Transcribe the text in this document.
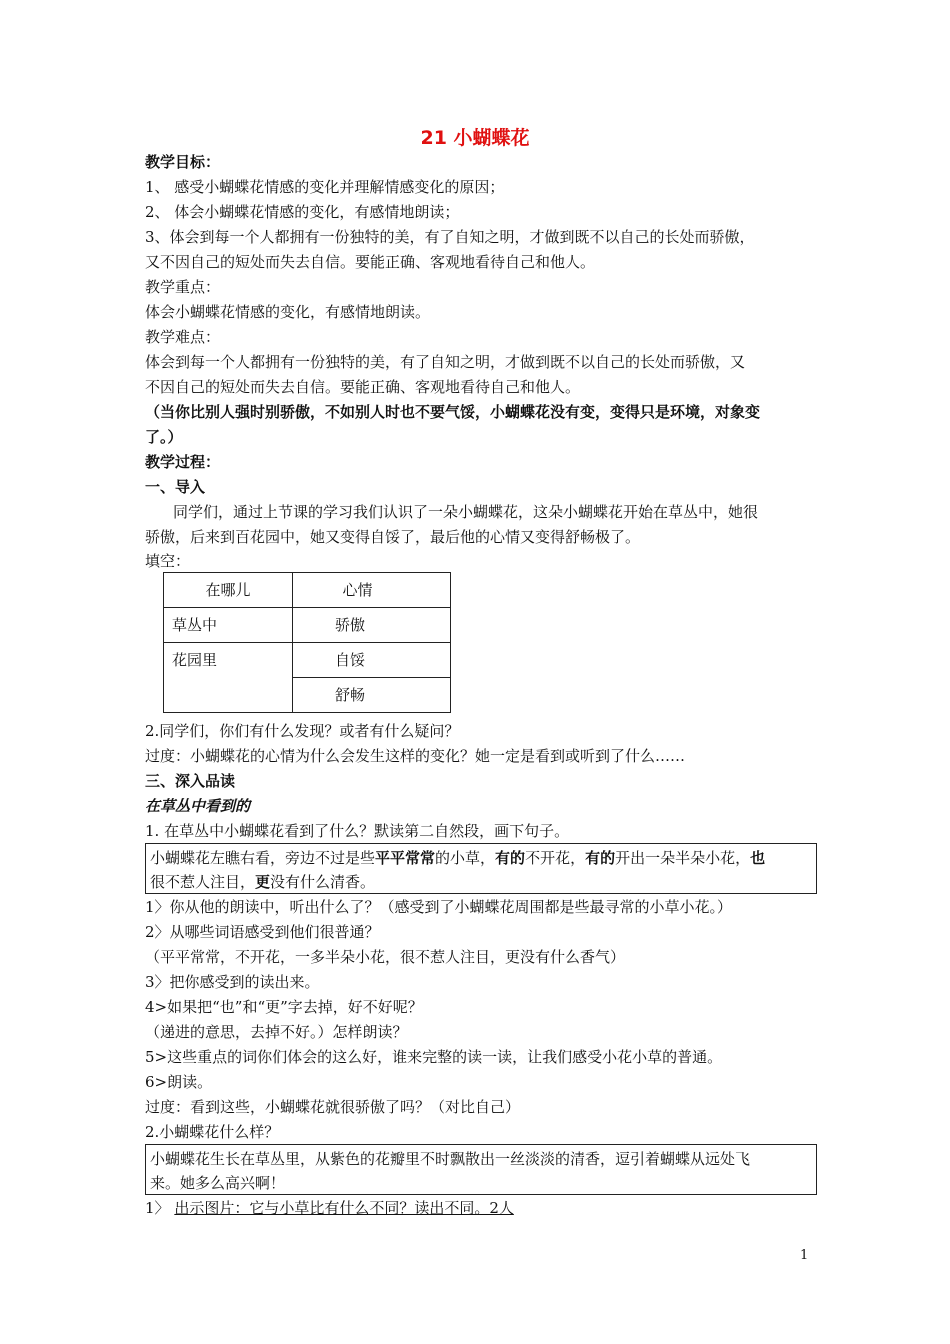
21 小蝴蝶花
教学目标：
1、 感受小蝴蝶花情感的变化并理解情感变化的原因；
2、 体会小蝴蝶花情感的变化，有感情地朗读；
3、体会到每一个人都拥有一份独特的美，有了自知之明，才做到既不以自己的长处而骄傲，
又不因自己的短处而失去自信。要能正确、客观地看待自己和他人。
教学重点：
体会小蝴蝶花情感的变化，有感情地朗读。
教学难点：
体会到每一个人都拥有一份独特的美，有了自知之明，才做到既不以自己的长处而骄傲，又
不因自己的短处而失去自信。要能正确、客观地看待自己和他人。
（当你比别人强时别骄傲，不如别人时也不要气馁，小蝴蝶花没有变，变得只是环境，对象变
了。）
教学过程：
一、导入
同学们，通过上节课的学习我们认识了一朵小蝴蝶花，这朵小蝴蝶花开始在草丛中，她很
骄傲，后来到百花园中，她又变得自馁了，最后他的心情又变得舒畅极了。
填空：
在哪儿	心情

草丛中	骄傲

花园里	自馁

	舒畅
2.同学们，你们有什么发现？或者有什么疑问？
过度：小蝴蝶花的心情为什么会发生这样的变化？她一定是看到或听到了什么……
三、深入品读
在草丛中看到的
1. 在草丛中小蝴蝶花看到了什么？默读第二自然段，画下句子。
小蝴蝶花左瞧右看，旁边不过是些平平常常的小草，有的不开花，有的开出一朵半朵小花，也
很不惹人注目，更没有什么清香。
1〉你从他的朗读中，听出什么了？（感受到了小蝴蝶花周围都是些最寻常的小草小花。）
2〉从哪些词语感受到他们很普通？
（平平常常，不开花，一多半朵小花，很不惹人注目，更没有什么香气）
3〉把你感受到的读出来。
4>如果把“也”和“更”字去掉，好不好呢？
（递进的意思，去掉不好。）怎样朗读？
5>这些重点的词你们体会的这么好，谁来完整的读一读，让我们感受小花小草的普通。
6>朗读。
过度：看到这些，小蝴蝶花就很骄傲了吗？（对比自己）
2.小蝴蝶花什么样？
小蝴蝶花生长在草丛里，从紫色的花瓣里不时飘散出一丝淡淡的清香，逗引着蝴蝶从远处飞
来。她多么高兴啊！
1〉 出示图片：它与小草比有什么不同？读出不同。2人
1
